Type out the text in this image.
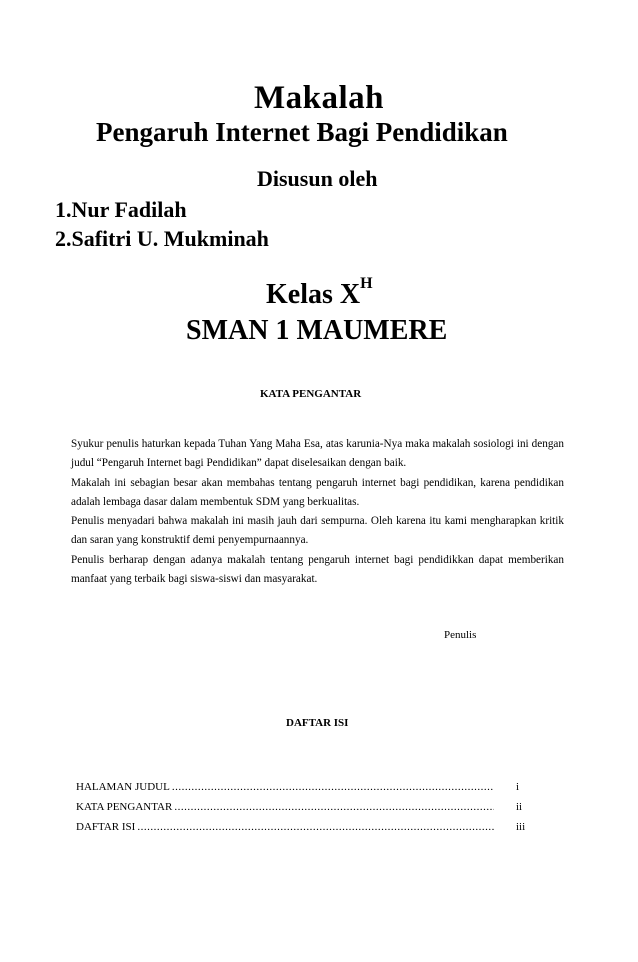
Makalah
Pengaruh Internet Bagi Pendidikan
Disusun oleh
1.Nur Fadilah
2.Safitri U. Mukminah
Kelas $X^H$
SMAN 1 MAUMERE
KATA PENGANTAR

Syukur penulis haturkan kepada Tuhan Yang Maha Esa, atas karunia-Nya maka makalah sosiologi ini dengan judul “Pengaruh Internet bagi Pendidikan” dapat diselesaikan dengan baik.

Makalah ini sebagian besar akan membahas tentang pengaruh internet bagi pendidikan, karena pendidikan adalah lembaga dasar dalam membentuk SDM yang berkualitas.

Penulis menyadari bahwa makalah ini masih jauh dari sempurna. Oleh karena itu kami mengharapkan kritik dan saran yang konstruktif demi penyempurnaannya.

Penulis berharap dengan adanya makalah tentang pengaruh internet bagi pendidikkan dapat memberikan manfaat yang terbaik bagi siswa-siswi dan masyarakat.

Penulis
DAFTAR ISI
HALAMAN JUDUL .....	i
KATA PENGANTAR .....	ii
DAFTAR ISI .....	iii
